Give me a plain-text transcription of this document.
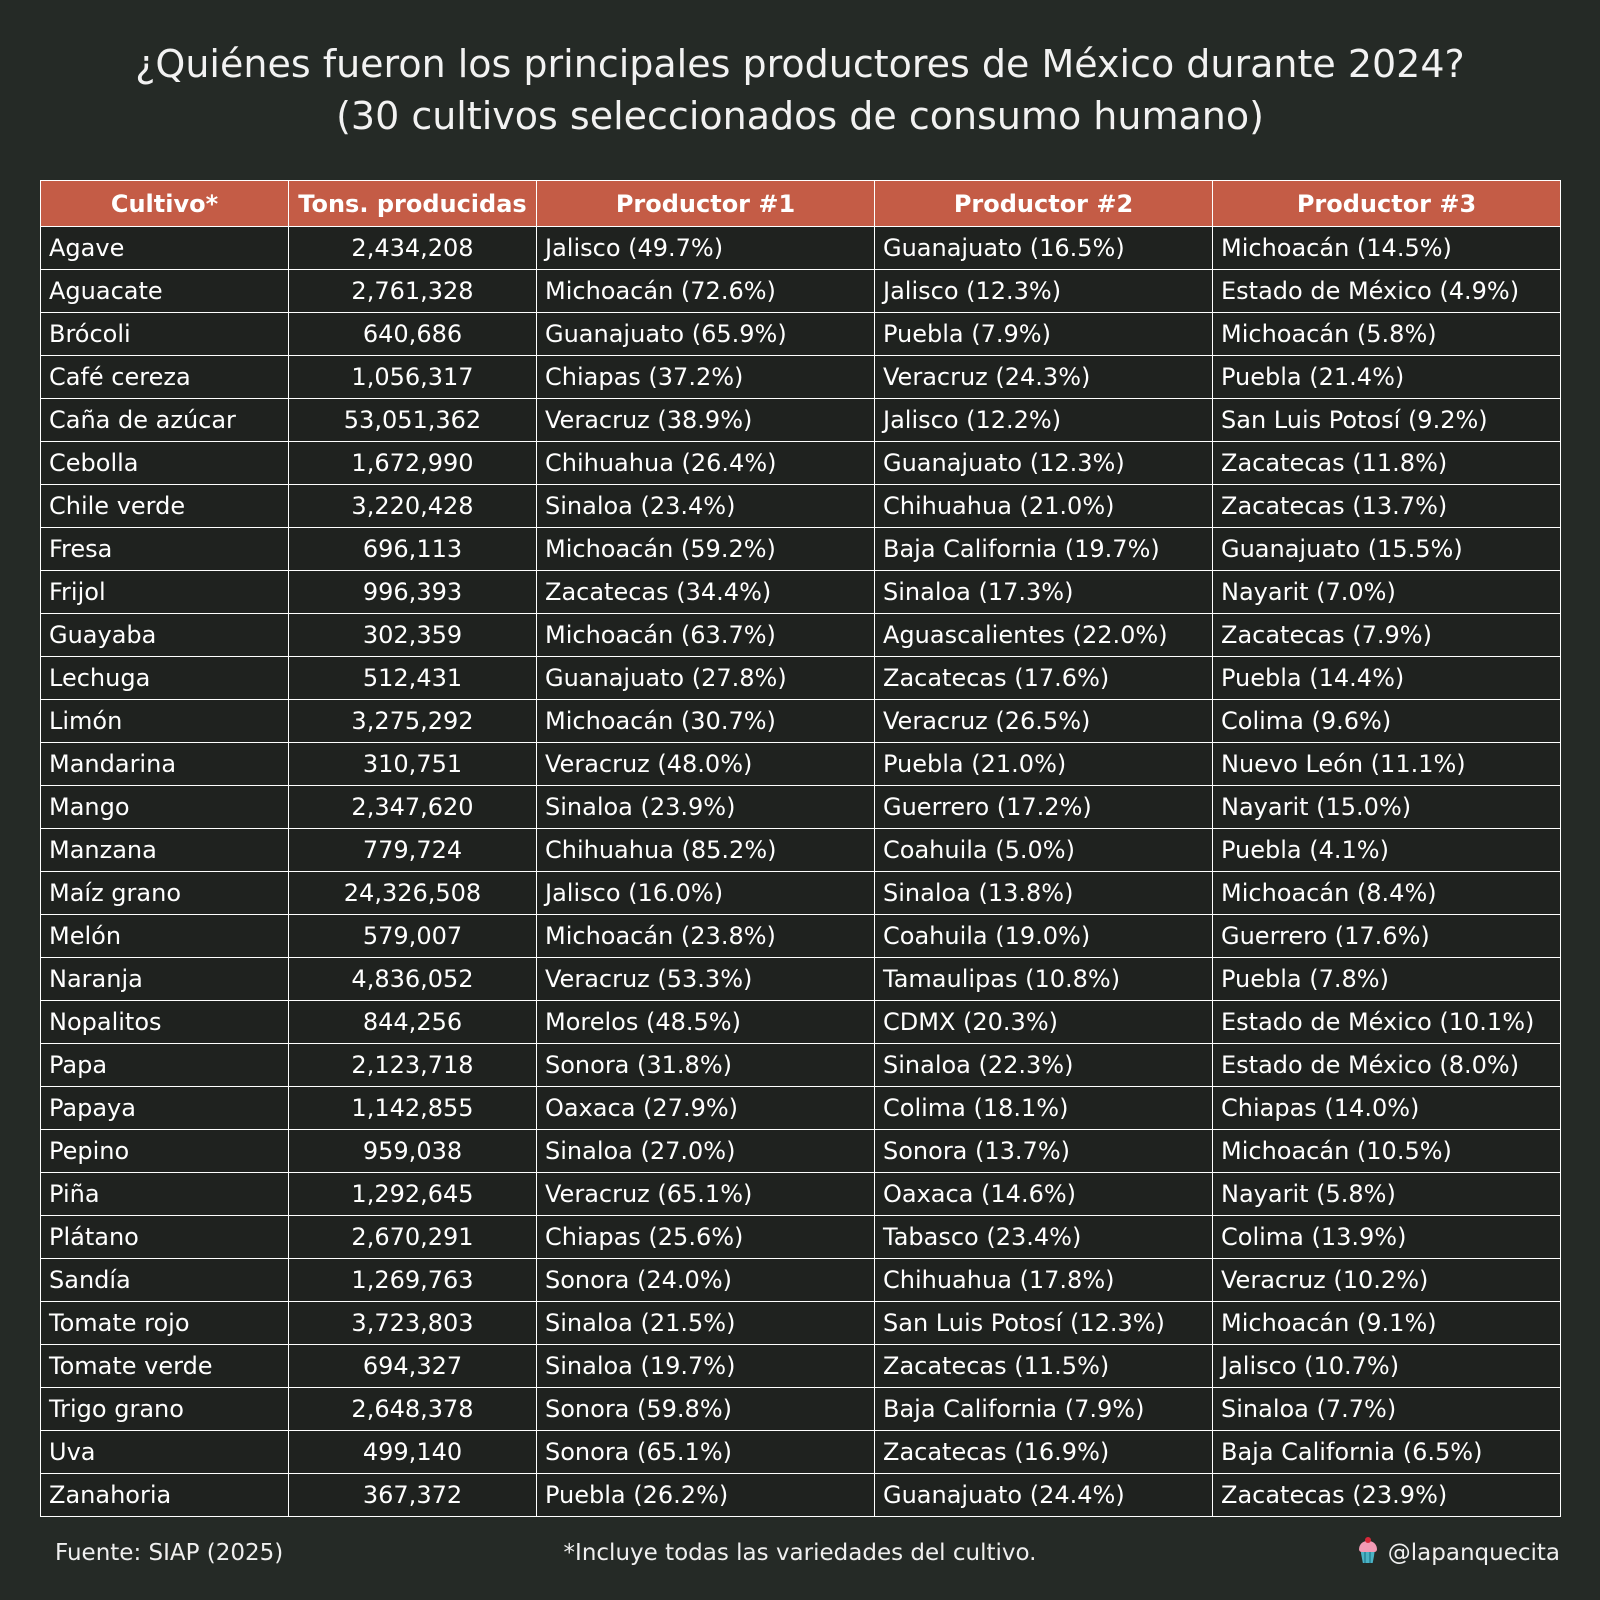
¿Quiénes fueron los principales productores de México durante 2024?
(30 cultivos seleccionados de consumo humano)
Cultivo*	Tons. producidas	Productor #1	Productor #2	Productor #3
Agave	2,434,208	Jalisco (49.7%)	Guanajuato (16.5%)	Michoacán (14.5%)
Aguacate	2,761,328	Michoacán (72.6%)	Jalisco (12.3%)	Estado de México (4.9%)
Brócoli	640,686	Guanajuato (65.9%)	Puebla (7.9%)	Michoacán (5.8%)
Café cereza	1,056,317	Chiapas (37.2%)	Veracruz (24.3%)	Puebla (21.4%)
Caña de azúcar	53,051,362	Veracruz (38.9%)	Jalisco (12.2%)	San Luis Potosí (9.2%)
Cebolla	1,672,990	Chihuahua (26.4%)	Guanajuato (12.3%)	Zacatecas (11.8%)
Chile verde	3,220,428	Sinaloa (23.4%)	Chihuahua (21.0%)	Zacatecas (13.7%)
Fresa	696,113	Michoacán (59.2%)	Baja California (19.7%)	Guanajuato (15.5%)
Frijol	996,393	Zacatecas (34.4%)	Sinaloa (17.3%)	Nayarit (7.0%)
Guayaba	302,359	Michoacán (63.7%)	Aguascalientes (22.0%)	Zacatecas (7.9%)
Lechuga	512,431	Guanajuato (27.8%)	Zacatecas (17.6%)	Puebla (14.4%)
Limón	3,275,292	Michoacán (30.7%)	Veracruz (26.5%)	Colima (9.6%)
Mandarina	310,751	Veracruz (48.0%)	Puebla (21.0%)	Nuevo León (11.1%)
Mango	2,347,620	Sinaloa (23.9%)	Guerrero (17.2%)	Nayarit (15.0%)
Manzana	779,724	Chihuahua (85.2%)	Coahuila (5.0%)	Puebla (4.1%)
Maíz grano	24,326,508	Jalisco (16.0%)	Sinaloa (13.8%)	Michoacán (8.4%)
Melón	579,007	Michoacán (23.8%)	Coahuila (19.0%)	Guerrero (17.6%)
Naranja	4,836,052	Veracruz (53.3%)	Tamaulipas (10.8%)	Puebla (7.8%)
Nopalitos	844,256	Morelos (48.5%)	CDMX (20.3%)	Estado de México (10.1%)
Papa	2,123,718	Sonora (31.8%)	Sinaloa (22.3%)	Estado de México (8.0%)
Papaya	1,142,855	Oaxaca (27.9%)	Colima (18.1%)	Chiapas (14.0%)
Pepino	959,038	Sinaloa (27.0%)	Sonora (13.7%)	Michoacán (10.5%)
Piña	1,292,645	Veracruz (65.1%)	Oaxaca (14.6%)	Nayarit (5.8%)
Plátano	2,670,291	Chiapas (25.6%)	Tabasco (23.4%)	Colima (13.9%)
Sandía	1,269,763	Sonora (24.0%)	Chihuahua (17.8%)	Veracruz (10.2%)
Tomate rojo	3,723,803	Sinaloa (21.5%)	San Luis Potosí (12.3%)	Michoacán (9.1%)
Tomate verde	694,327	Sinaloa (19.7%)	Zacatecas (11.5%)	Jalisco (10.7%)
Trigo grano	2,648,378	Sonora (59.8%)	Baja California (7.9%)	Sinaloa (7.7%)
Uva	499,140	Sonora (65.1%)	Zacatecas (16.9%)	Baja California (6.5%)
Zanahoria	367,372	Puebla (26.2%)	Guanajuato (24.4%)	Zacatecas (23.9%)
Fuente: SIAP (2025)	*Incluye todas las variedades del cultivo.	@lapanquecita
